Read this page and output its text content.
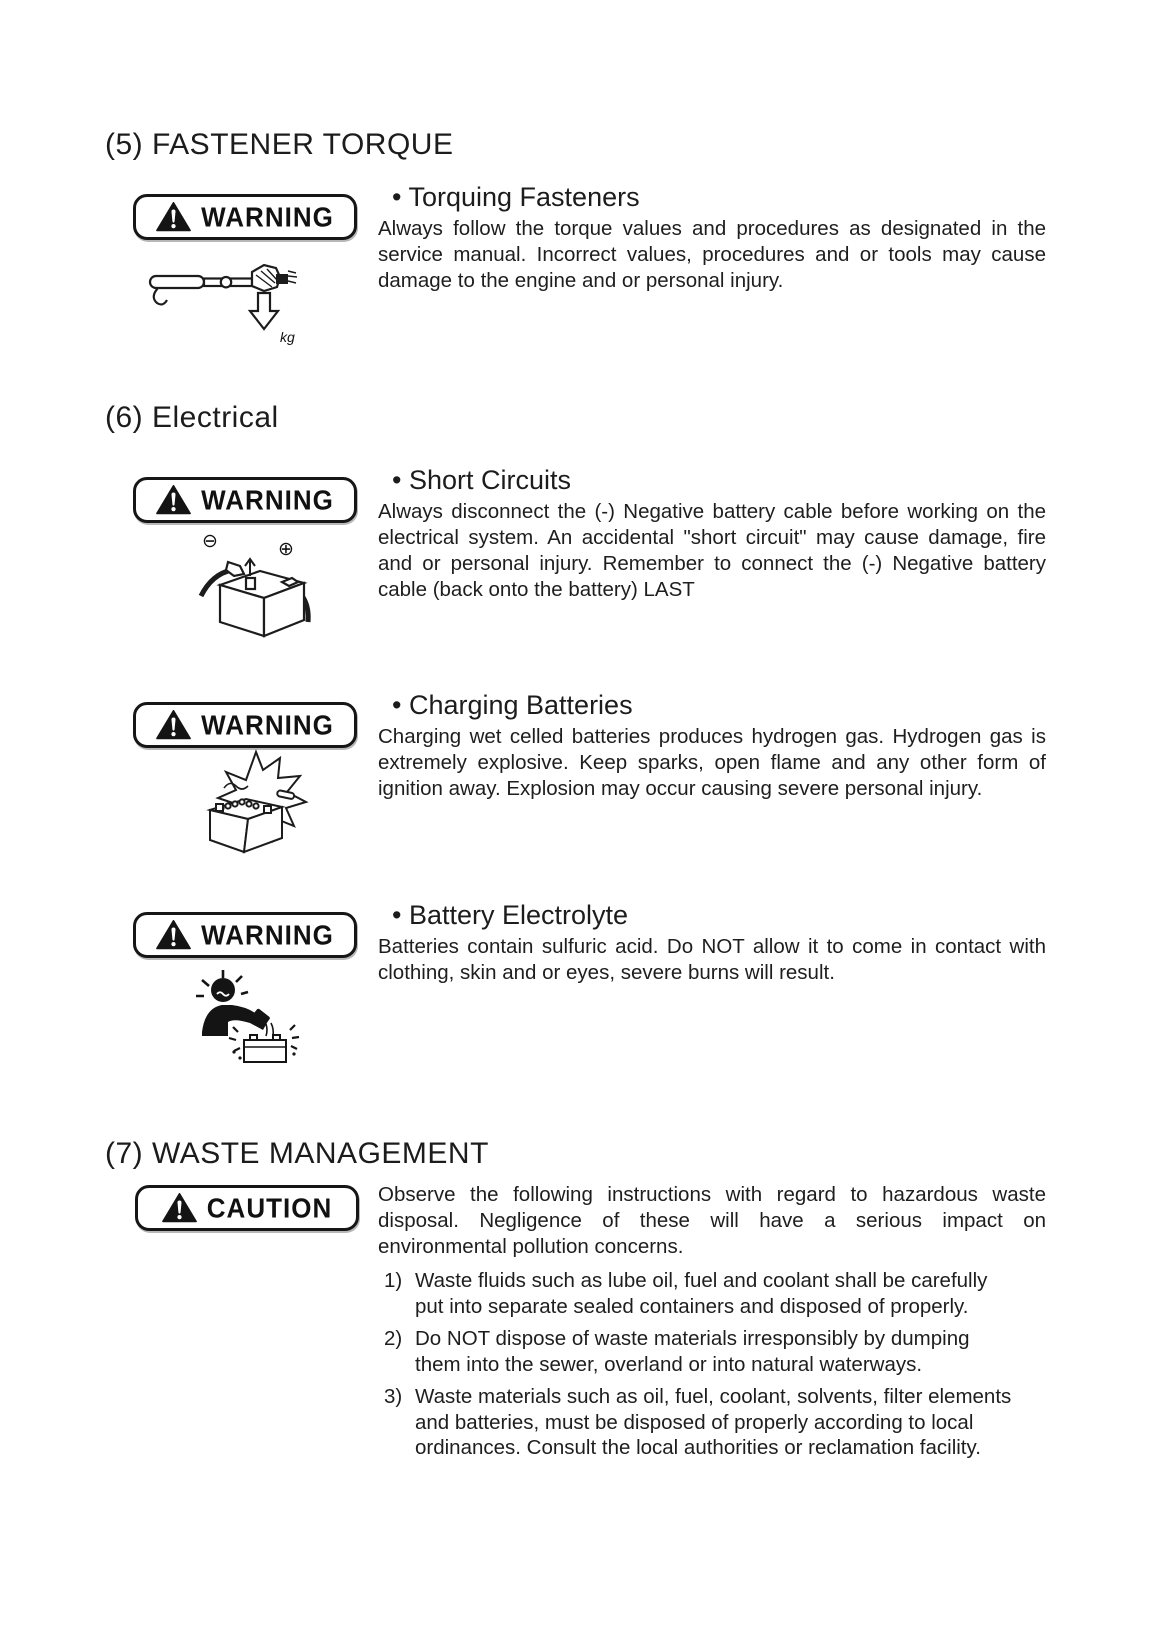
(5) FASTENER TORQUE
WARNING
kg
• Torquing Fasteners
Always follow the torque values and procedures as designated in the service manual. Incorrect values, procedures and or tools may cause damage to the engine and or personal injury.
(6) Electrical
WARNING
⊖	⊕
• Short Circuits
Always disconnect the (-) Negative battery cable before working on the electrical system. An accidental "short circuit" may cause damage, fire and or personal injury. Remember to connect the (-) Negative battery cable (back onto the battery) LAST
WARNING
• Charging Batteries
Charging wet celled batteries produces hydrogen gas. Hydrogen gas is extremely explosive. Keep sparks, open flame and any other form of ignition away. Explosion may occur causing severe personal injury.
WARNING
• Battery Electrolyte
Batteries contain sulfuric acid. Do NOT allow it to come in contact with clothing, skin and or eyes, severe burns will result.
(7) WASTE MANAGEMENT
CAUTION Observe the following instructions with regard to hazardous waste disposal. Negligence of these will have a serious impact on environmental pollution concerns.
1) Waste fluids such as lube oil, fuel and coolant shall be carefully put into separate sealed containers and disposed of properly.
2) Do NOT dispose of waste materials irresponsibly by dumping them into the sewer, overland or into natural waterways.
3) Waste materials such as oil, fuel, coolant, solvents, filter elements and batteries, must be disposed of properly according to local ordinances. Consult the local authorities or reclamation facility.
